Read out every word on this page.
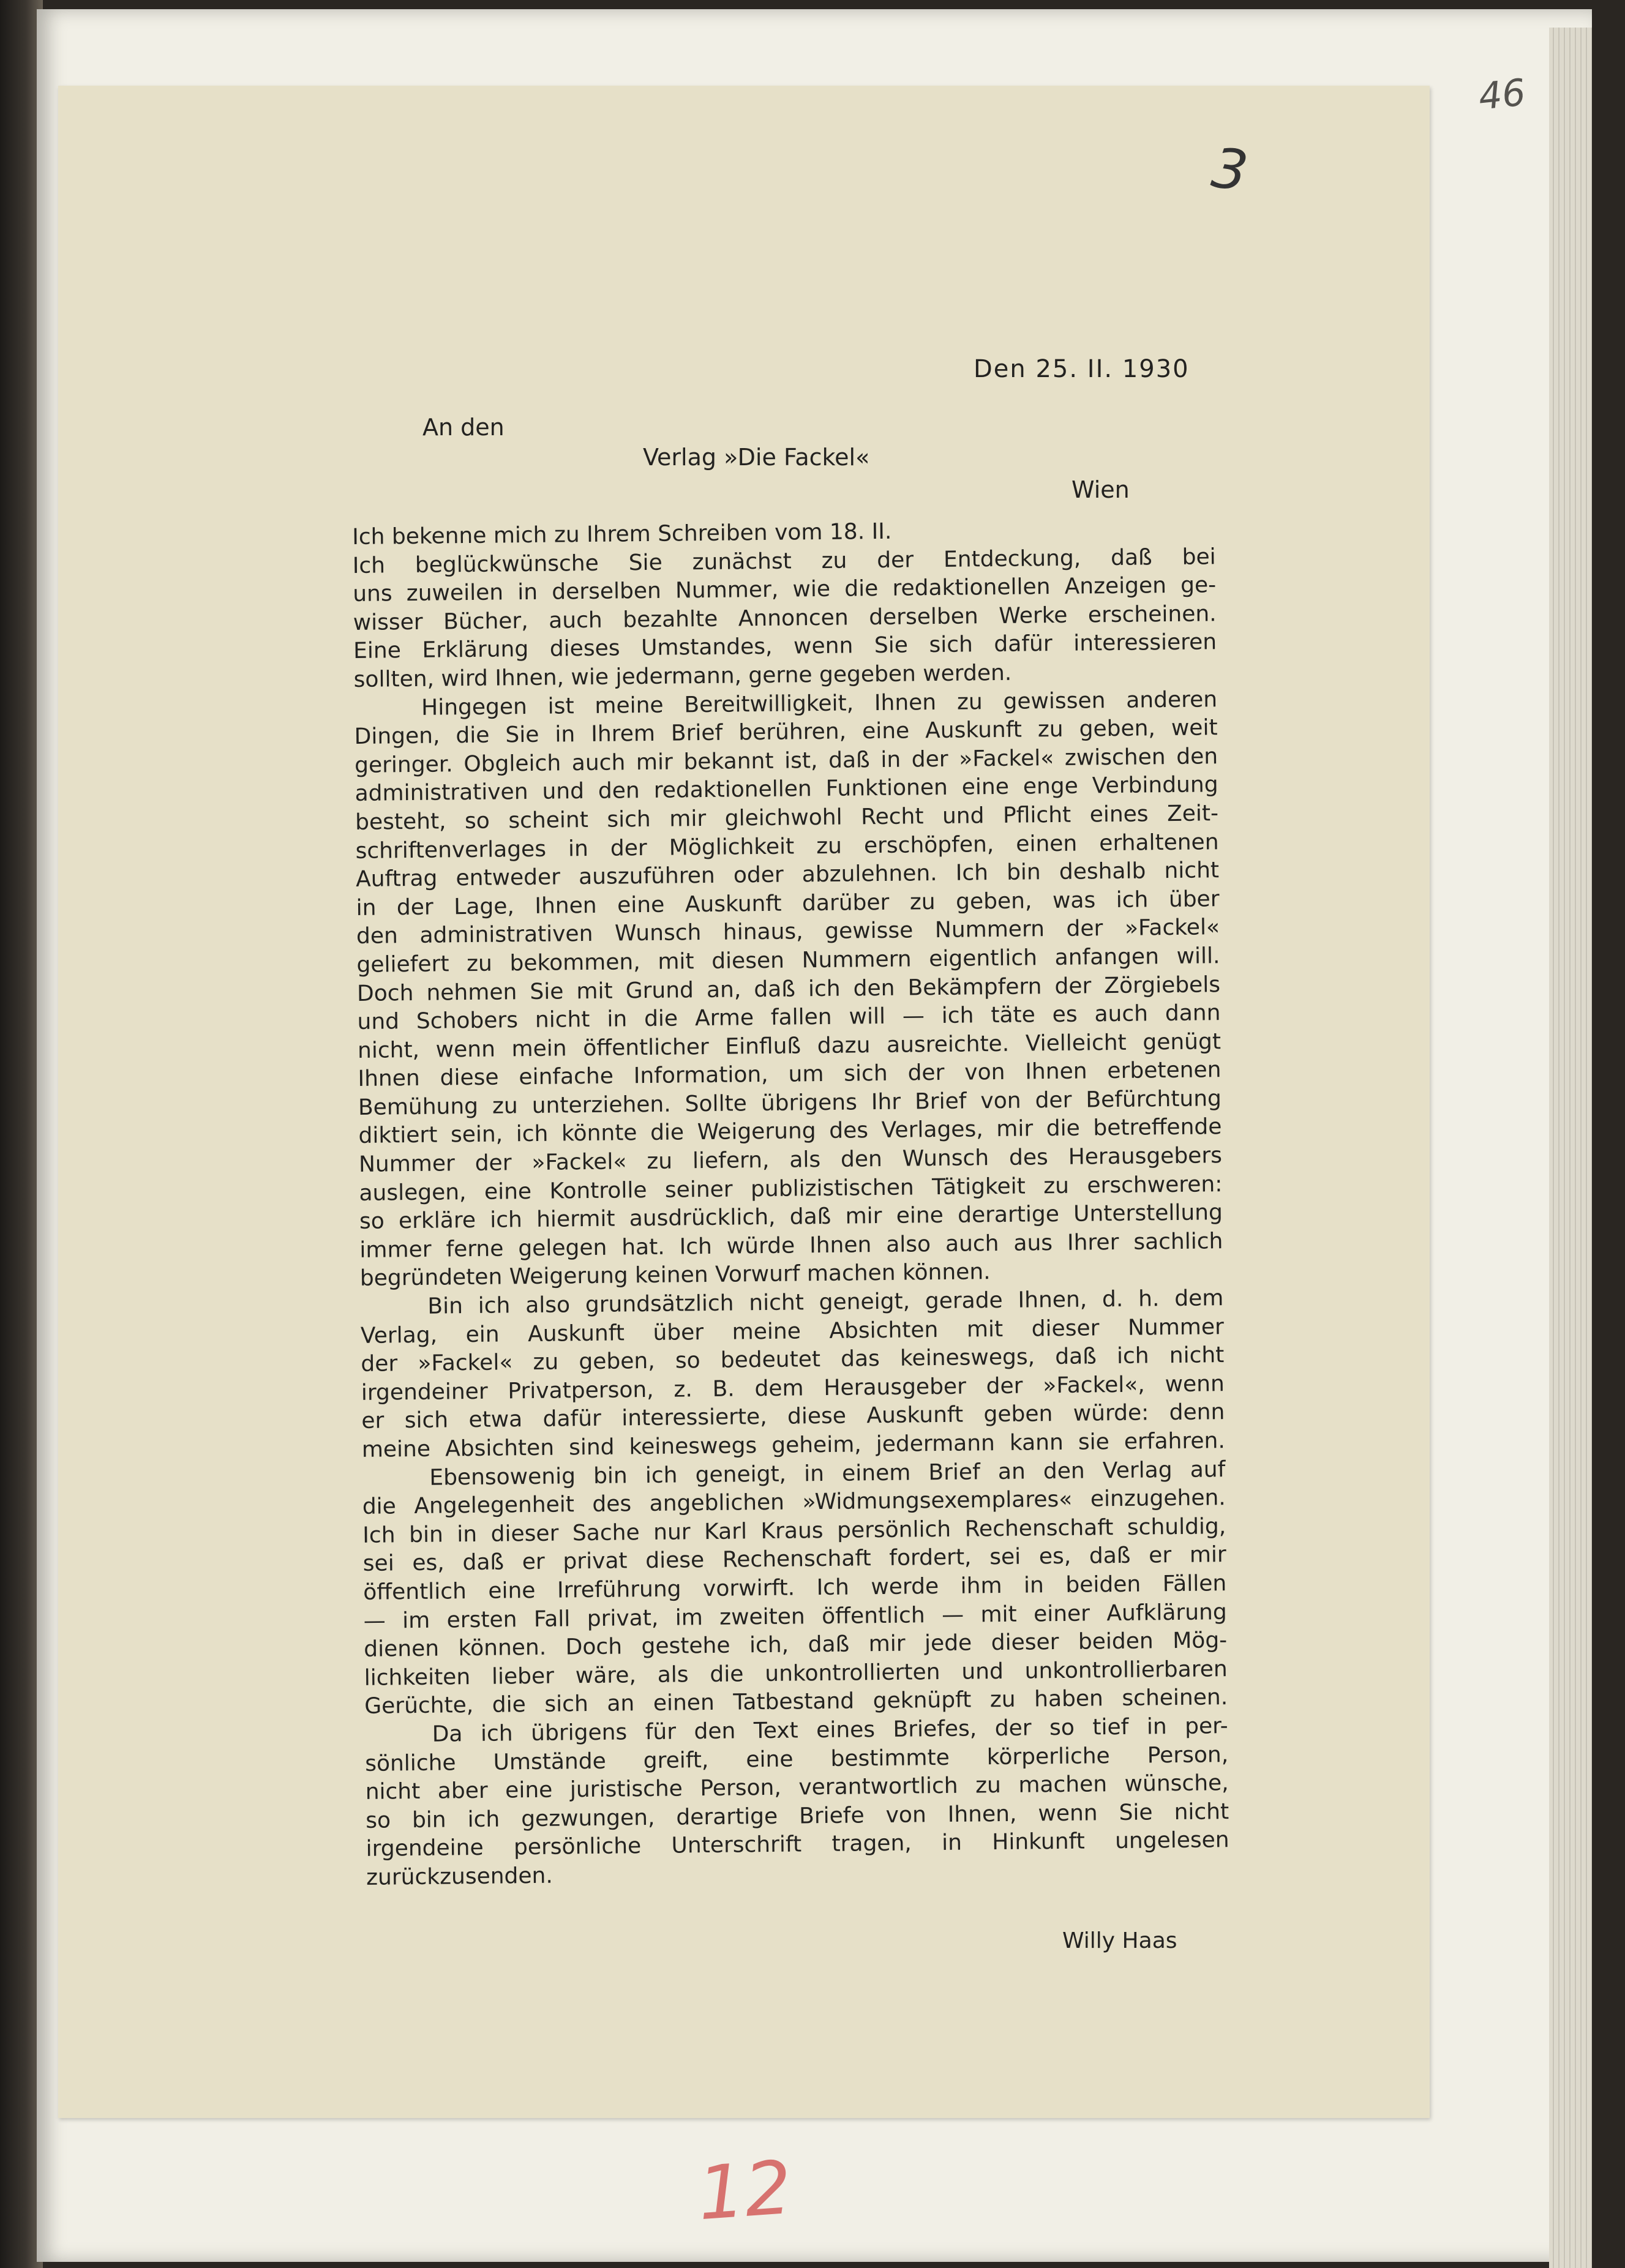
46
3
Den 25. II. 1930
An den
Verlag »Die Fackel«
Wien
Ich bekenne mich zu Ihrem Schreiben vom 18. II.
Ich beglückwünsche Sie zunächst zu der Entdeckung, daß bei
uns zuweilen in derselben Nummer, wie die redaktionellen Anzeigen ge-
wisser Bücher, auch bezahlte Annoncen derselben Werke erscheinen.
Eine Erklärung dieses Umstandes, wenn Sie sich dafür interessieren
sollten, wird Ihnen, wie jedermann, gerne gegeben werden.
Hingegen ist meine Bereitwilligkeit, Ihnen zu gewissen anderen
Dingen, die Sie in Ihrem Brief berühren, eine Auskunft zu geben, weit
geringer. Obgleich auch mir bekannt ist, daß in der »Fackel« zwischen den
administrativen und den redaktionellen Funktionen eine enge Verbindung
besteht, so scheint sich mir gleichwohl Recht und Pflicht eines Zeit-
schriftenverlages in der Möglichkeit zu erschöpfen, einen erhaltenen
Auftrag entweder auszuführen oder abzulehnen. Ich bin deshalb nicht
in der Lage, Ihnen eine Auskunft darüber zu geben, was ich über
den administrativen Wunsch hinaus, gewisse Nummern der »Fackel«
geliefert zu bekommen, mit diesen Nummern eigentlich anfangen will.
Doch nehmen Sie mit Grund an, daß ich den Bekämpfern der Zörgiebels
und Schobers nicht in die Arme fallen will — ich täte es auch dann
nicht, wenn mein öffentlicher Einfluß dazu ausreichte. Vielleicht genügt
Ihnen diese einfache Information, um sich der von Ihnen erbetenen
Bemühung zu unterziehen. Sollte übrigens Ihr Brief von der Befürchtung
diktiert sein, ich könnte die Weigerung des Verlages, mir die betreffende
Nummer der »Fackel« zu liefern, als den Wunsch des Herausgebers
auslegen, eine Kontrolle seiner publizistischen Tätigkeit zu erschweren:
so erkläre ich hiermit ausdrücklich, daß mir eine derartige Unterstellung
immer ferne gelegen hat. Ich würde Ihnen also auch aus Ihrer sachlich
begründeten Weigerung keinen Vorwurf machen können.
Bin ich also grundsätzlich nicht geneigt, gerade Ihnen, d. h. dem
Verlag, ein Auskunft über meine Absichten mit dieser Nummer
der »Fackel« zu geben, so bedeutet das keineswegs, daß ich nicht
irgendeiner Privatperson, z. B. dem Herausgeber der »Fackel«, wenn
er sich etwa dafür interessierte, diese Auskunft geben würde: denn
meine Absichten sind keineswegs geheim, jedermann kann sie erfahren.
Ebensowenig bin ich geneigt, in einem Brief an den Verlag auf
die Angelegenheit des angeblichen »Widmungsexemplares« einzugehen.
Ich bin in dieser Sache nur Karl Kraus persönlich Rechenschaft schuldig,
sei es, daß er privat diese Rechenschaft fordert, sei es, daß er mir
öffentlich eine Irreführung vorwirft. Ich werde ihm in beiden Fällen
— im ersten Fall privat, im zweiten öffentlich — mit einer Aufklärung
dienen können. Doch gestehe ich, daß mir jede dieser beiden Mög-
lichkeiten lieber wäre, als die unkontrollierten und unkontrollierbaren
Gerüchte, die sich an einen Tatbestand geknüpft zu haben scheinen.
Da ich übrigens für den Text eines Briefes, der so tief in per-
sönliche Umstände greift, eine bestimmte körperliche Person,
nicht aber eine juristische Person, verantwortlich zu machen wünsche,
so bin ich gezwungen, derartige Briefe von Ihnen, wenn Sie nicht
irgendeine persönliche Unterschrift tragen, in Hinkunft ungelesen
zurückzusenden.
Willy Haas
12
